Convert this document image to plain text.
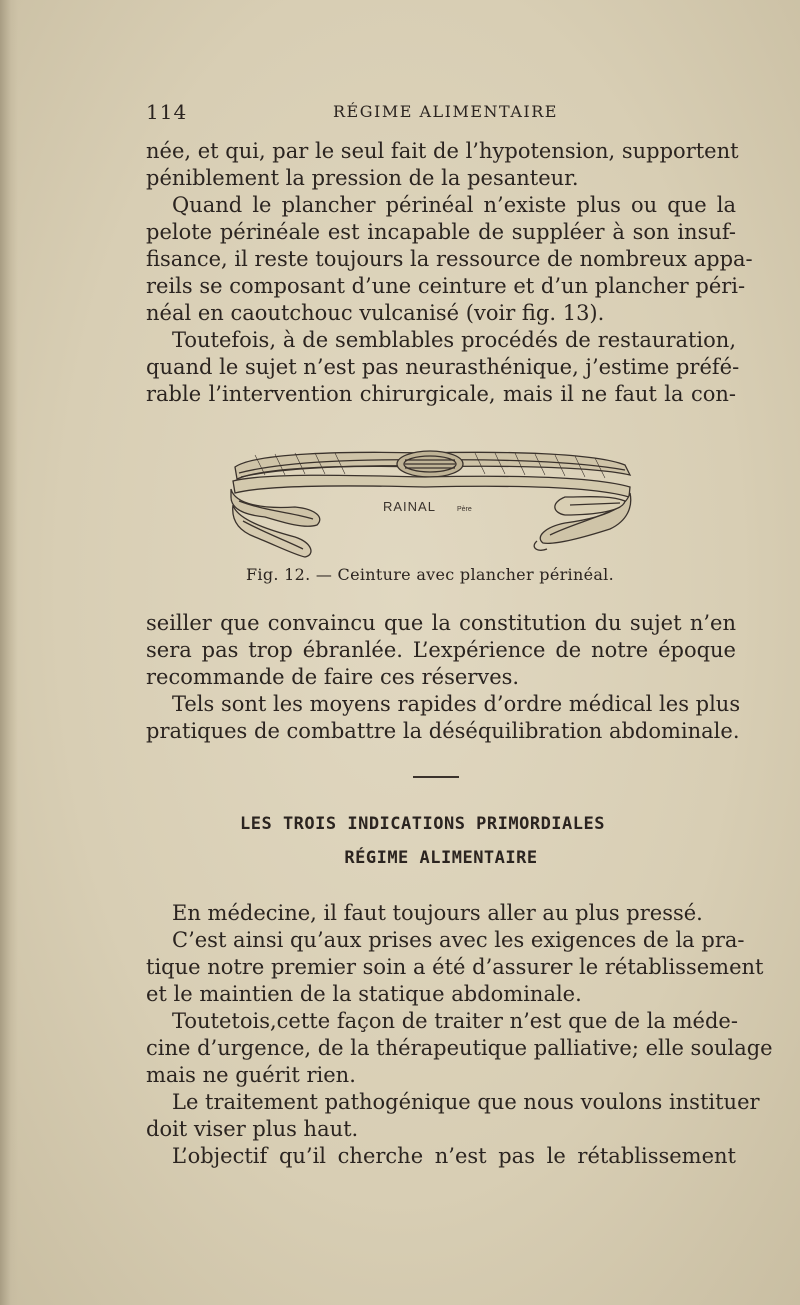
114	RÉGIME ALIMENTAIRE
née, et qui, par le seul fait de l’hypotension, supportent
péniblement la pression de la pesanteur.
Quand le plancher périnéal n’existe plus ou que la
pelote périnéale est incapable de suppléer à son insuf-
fisance, il reste toujours la ressource de nombreux appa-
reils se composant d’une ceinture et d’un plancher péri-
néal en caoutchouc vulcanisé (voir fig. 13).
Toutefois, à de semblables procédés de restauration,
quand le sujet n’est pas neurasthénique, j’estime préfé-
rable l’intervention chirurgicale, mais il ne faut la con-
RAINAL	Père
Fig. 12. — Ceinture avec plancher périnéal.
seiller que convaincu que la constitution du sujet n’en
sera pas trop ébranlée. L’expérience de notre époque
recommande de faire ces réserves.
Tels sont les moyens rapides d’ordre médical les plus
pratiques de combattre la déséquilibration abdominale.
LES TROIS INDICATIONS PRIMORDIALES
RÉGIME ALIMENTAIRE
En médecine, il faut toujours aller au plus pressé.
C’est ainsi qu’aux prises avec les exigences de la pra-
tique notre premier soin a été d’assurer le rétablissement
et le maintien de la statique abdominale.
Toutetois,cette façon de traiter n’est que de la méde-
cine d’urgence, de la thérapeutique palliative; elle soulage
mais ne guérit rien.
Le traitement pathogénique que nous voulons instituer
doit viser plus haut.
L’objectif qu’il cherche n’est pas le rétablissement
